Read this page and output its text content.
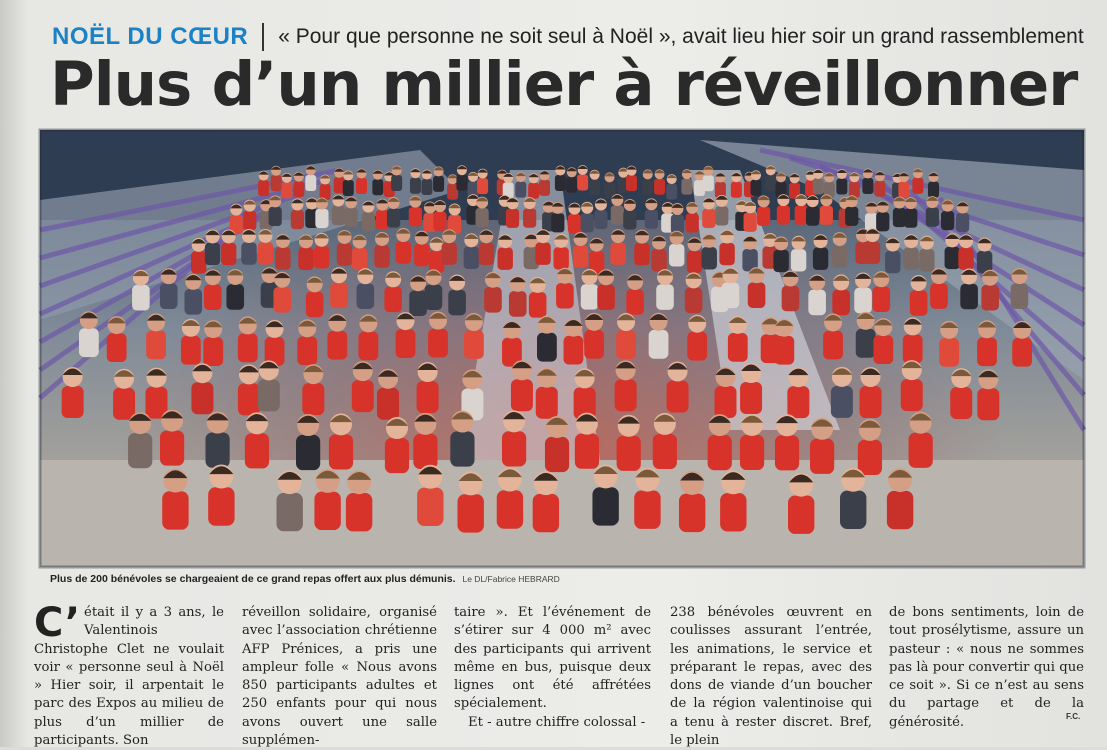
NOËL DU CŒUR « Pour que personne ne soit seul à Noël », avait lieu hier soir un grand rassemblement
Plus d’un millier à réveillonner
Plus de 200 bénévoles se chargeaient de ce grand repas offert aux plus démunis. Le DL/Fabrice HEBRARD

C’ était il y a 3 ans, le Valentinois Christophe Clet ne voulait voir « personne seul à Noël » Hier soir, il arpentait le parc des Expos au milieu de plus d’un millier de participants. Son

réveillon solidaire, organisé avec l’association chrétienne AFP Prénices, a pris une ampleur folle « Nous avons 850 participants adultes et 250 enfants pour qui nous avons ouvert une salle supplémen-

taire ». Et l’événement de s’étirer sur 4 000 m² avec des participants qui arrivent même en bus, puisque deux lignes ont été affrétées spécialement.

Et - autre chiffre colossal -

238 bénévoles œuvrent en coulisses assurant l’entrée, les animations, le service et préparant le repas, avec des dons de viande d’un boucher de la région valentinoise qui a tenu à rester discret. Bref, le plein

de bons sentiments, loin de tout prosélytisme, assure un pasteur : « nous ne sommes pas là pour convertir qui que ce soit ». Si ce n’est au sens du partage et de la générosité.	F.C.
